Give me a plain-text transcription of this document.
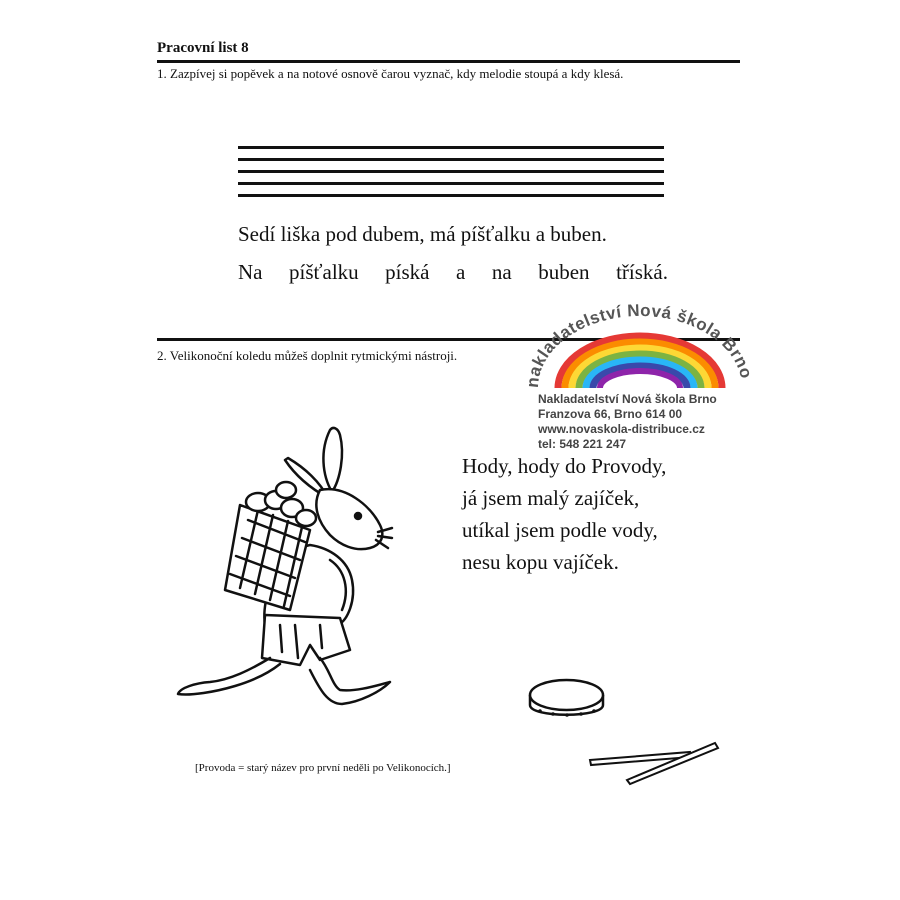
Pracovní list 8
1. Zazpívej si popěvek a na notové osnově čarou vyznač, kdy melodie stoupá a kdy klesá.
Sedí liška pod dubem, má píšťalku a buben.
Na píšťalku píská a na buben tříská.
2. Velikonoční koledu můžeš doplnit rytmickými nástroji.
nakladatelství Nová škola Brno
Nakladatelství Nová škola Brno
Franzova 66, Brno 614 00
www.novaskola-distribuce.cz
tel: 548 221 247
Hody, hody do Provody,
já jsem malý zajíček,
utíkal jsem podle vody,
nesu kopu vajíček.
[Provoda = starý název pro první neděli po Velikonocích.]
